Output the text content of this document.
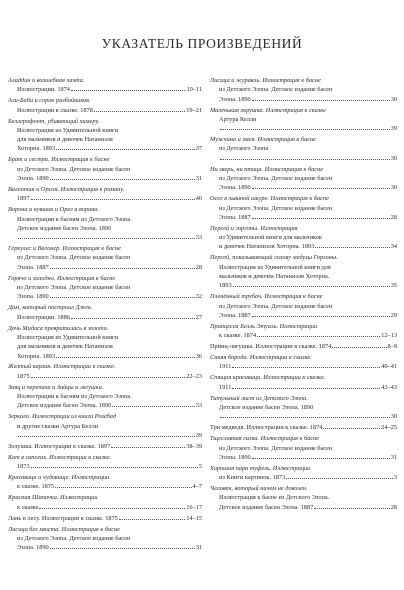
УКАЗАТЕЛЬ ПРОИЗВЕДЕНИЙ
Аладдин и волшебная лампа.
Иллюстрации. 1874	10–11
Али-Баба и сорок разбойников.
Иллюстрации к сказке. 1878	19–21
Беллерофонт, убивающий химеру.
Иллюстрация из Удивительной книги
для мальчиков и девочек Натаниэля
Хоторна. 1893	37
Брат и сестра. Иллюстрация к басне
из Детского Эзопа. Детское издание басен
Эзопа. 1890	31
Валентин и Орсон. Иллюстрация к роману.
1897	46
Ворона и кувшин и Орел и ворона.
Иллюстрации к басням из Детского Эзопа.
Детское издание басен Эзопа. 1890
33
Геркулес и Вагонер. Иллюстрация к басне
из Детского Эзопа. Детское издание басен
Эзопа. 1887	28
Горячо и холодно. Иллюстрация к басне
из Детского Эзопа. Детское издание басен
Эзопа. 1890	32
Дам, который построил Джек.
Иллюстрации. 1886	27
Дочь Мидаса превратилась в золото.
Иллюстрация из Удивительной книги
для мальчиков и девочек Натаниэля
Хоторна. 1893	36
Желтый карлик. Иллюстрации к сказке.
1875	22–23
Заяц и черепаха и Зайцы и лягушки.
Иллюстрации к басням из Детского Эзопа.
Детское издание басен Эзопа. 1890	33
Зеркало. Иллюстрации из книги Розебад
и другие сказки Артура Келли
39
Золушка. Иллюстрации к сказке. 1897	38–39
Кот в сапогах. Иллюстрации к сказке.
1873	5
Красавица и чудовище. Иллюстрации
к сказке. 1875	4–7
Красная Шапочка. Иллюстрации
к сказке	16–17
Лань в лесу. Иллюстрации к сказке. 1875	14–15
Лисица без хвоста. Иллюстрация к басне
из Детского Эзопа. Детское издание басен
Эзопа. 1890	31
Лисица и журавль. Иллюстрация к басне
из Детского Эзопа. Детское издание басен
Эзопа. 1890	30
Маленькая зорушка. Иллюстрация к сказке
Артура Келли
39
Мужчина и змея. Иллюстрация к басне
из Детского Эзопа
30
Ни зверь, ни птица. Иллюстрация к басне
из Детского Эзопа. Детское издание басен
Эзопа. 1890	30
Осел в львиной шкуре. Иллюстрация к басне
из Детского Эзопа. Детское издание басен
Эзопа. 1887	28
Персей и горгоны. Иллюстрация
из Удивительной книги для мальчиков
и девочек Натаниэля Хоторна. 1893	34
Персей, показывающий голову медузы Горгоны.
Иллюстрация из Удивительной книги для
мальчиков и девочек Натаниэля Хоторна.
1893	35
Пленённый трубач. Иллюстрация к басне
из Детского Эзопа. Детское издание басен
Эзопа. 1887	29
Принцесса Белль Этуаль. Иллюстрации
к сказке. 1874	12–13
Принц-лягушка. Иллюстрации к сказке. 1874	8–9
Синяя борода. Иллюстрации к сказке.
1911	40–41
Спящая красавица. Иллюстрации к сказке.
1911	42–43
Титульный лист из Детского Эзопа.
Детское издание басен Эзопа. 1890
30
Три медведя. Иллюстрации к сказке. 1874	24–25
Тщеславная галка. Иллюстрация к басне
из Детского Эзопа. Детское издание басен
Эзопа. 1890	31
Хорошая пара туфель. Иллюстрации
из Книги картинок. 1873	3
Человек, который ничем не доволен.
Иллюстрация к басне из Детского Эзопа.
Детское издание басен Эзопа. 1887	28
